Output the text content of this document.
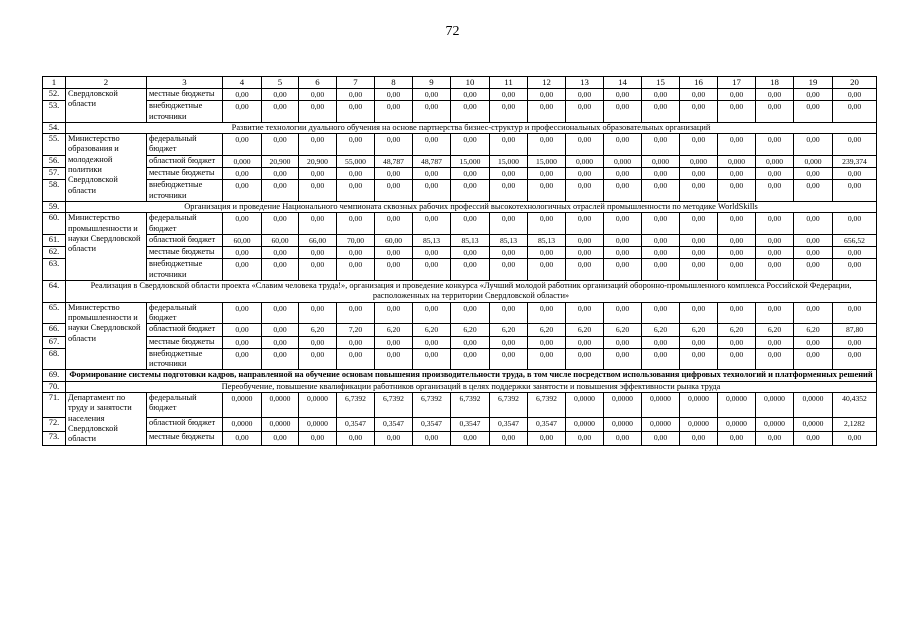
72
1	2	3	4	5	6	7	8	9	10	11	12	13	14	15	16	17	18	19	20
52.	Свердловской области	местные бюджеты	0,00	0,00	0,00	0,00	0,00	0,00	0,00	0,00	0,00	0,00	0,00	0,00	0,00	0,00	0,00	0,00	0,00
53.		внебюджетные источники	0,00	0,00	0,00	0,00	0,00	0,00	0,00	0,00	0,00	0,00	0,00	0,00	0,00	0,00	0,00	0,00	0,00
54.	Развитие технологии дуального обучения на основе партнерства бизнес-структур и профессиональных образовательных организаций																		
55.	Министерство образования и молодежной политики Свердловской области	федеральный бюджет	0,00	0,00	0,00	0,00	0,00	0,00	0,00	0,00	0,00	0,00	0,00	0,00	0,00	0,00	0,00	0,00	0,00
56.		областной бюджет	0,000	20,900	20,900	55,000	48,787	48,787	15,000	15,000	15,000	0,000	0,000	0,000	0,000	0,000	0,000	0,000	239,374
57.		местные бюджеты	0,00	0,00	0,00	0,00	0,00	0,00	0,00	0,00	0,00	0,00	0,00	0,00	0,00	0,00	0,00	0,00	0,00
58.		внебюджетные источники	0,00	0,00	0,00	0,00	0,00	0,00	0,00	0,00	0,00	0,00	0,00	0,00	0,00	0,00	0,00	0,00	0,00
59.	Организация и проведение Национального чемпионата сквозных рабочих профессий высокотехнологичных отраслей промышленности по методике WorldSkills																		
60.	Министерство промышленности и науки Свердловской области	федеральный бюджет	0,00	0,00	0,00	0,00	0,00	0,00	0,00	0,00	0,00	0,00	0,00	0,00	0,00	0,00	0,00	0,00	0,00
61.		областной бюджет	60,00	60,00	66,00	70,00	60,00	85,13	85,13	85,13	85,13	0,00	0,00	0,00	0,00	0,00	0,00	0,00	656,52
62.		местные бюджеты	0,00	0,00	0,00	0,00	0,00	0,00	0,00	0,00	0,00	0,00	0,00	0,00	0,00	0,00	0,00	0,00	0,00
63.		внебюджетные источники	0,00	0,00	0,00	0,00	0,00	0,00	0,00	0,00	0,00	0,00	0,00	0,00	0,00	0,00	0,00	0,00	0,00
64.	Реализация в Свердловской области проекта «Славим человека труда!», организация и проведение конкурса «Лучший молодой работник организаций оборонно-промышленного комплекса Российской Федерации, расположенных на территории Свердловской области»																		
65.	Министерство промышленности и науки Свердловской области	федеральный бюджет	0,00	0,00	0,00	0,00	0,00	0,00	0,00	0,00	0,00	0,00	0,00	0,00	0,00	0,00	0,00	0,00	0,00
66.		областной бюджет	0,00	0,00	6,20	7,20	6,20	6,20	6,20	6,20	6,20	6,20	6,20	6,20	6,20	6,20	6,20	6,20	87,80
67.		местные бюджеты	0,00	0,00	0,00	0,00	0,00	0,00	0,00	0,00	0,00	0,00	0,00	0,00	0,00	0,00	0,00	0,00	0,00
68.		внебюджетные источники	0,00	0,00	0,00	0,00	0,00	0,00	0,00	0,00	0,00	0,00	0,00	0,00	0,00	0,00	0,00	0,00	0,00
69.	Формирование системы подготовки кадров, направленной на обучение основам повышения производительности труда, в том числе посредством использования цифровых технологий и платформенных решений																		
70.	Переобучение, повышение квалификации работников организаций в целях поддержки занятости и повышения эффективности рынка труда																		
71.	Департамент по труду и занятости населения Свердловской области	федеральный бюджет	0,0000	0,0000	0,0000	6,7392	6,7392	6,7392	6,7392	6,7392	6,7392	0,0000	0,0000	0,0000	0,0000	0,0000	0,0000	0,0000	40,4352
72.		областной бюджет	0,0000	0,0000	0,0000	0,3547	0,3547	0,3547	0,3547	0,3547	0,3547	0,0000	0,0000	0,0000	0,0000	0,0000	0,0000	0,0000	2,1282
73.		местные бюджеты	0,00	0,00	0,00	0,00	0,00	0,00	0,00	0,00	0,00	0,00	0,00	0,00	0,00	0,00	0,00	0,00	0,00
